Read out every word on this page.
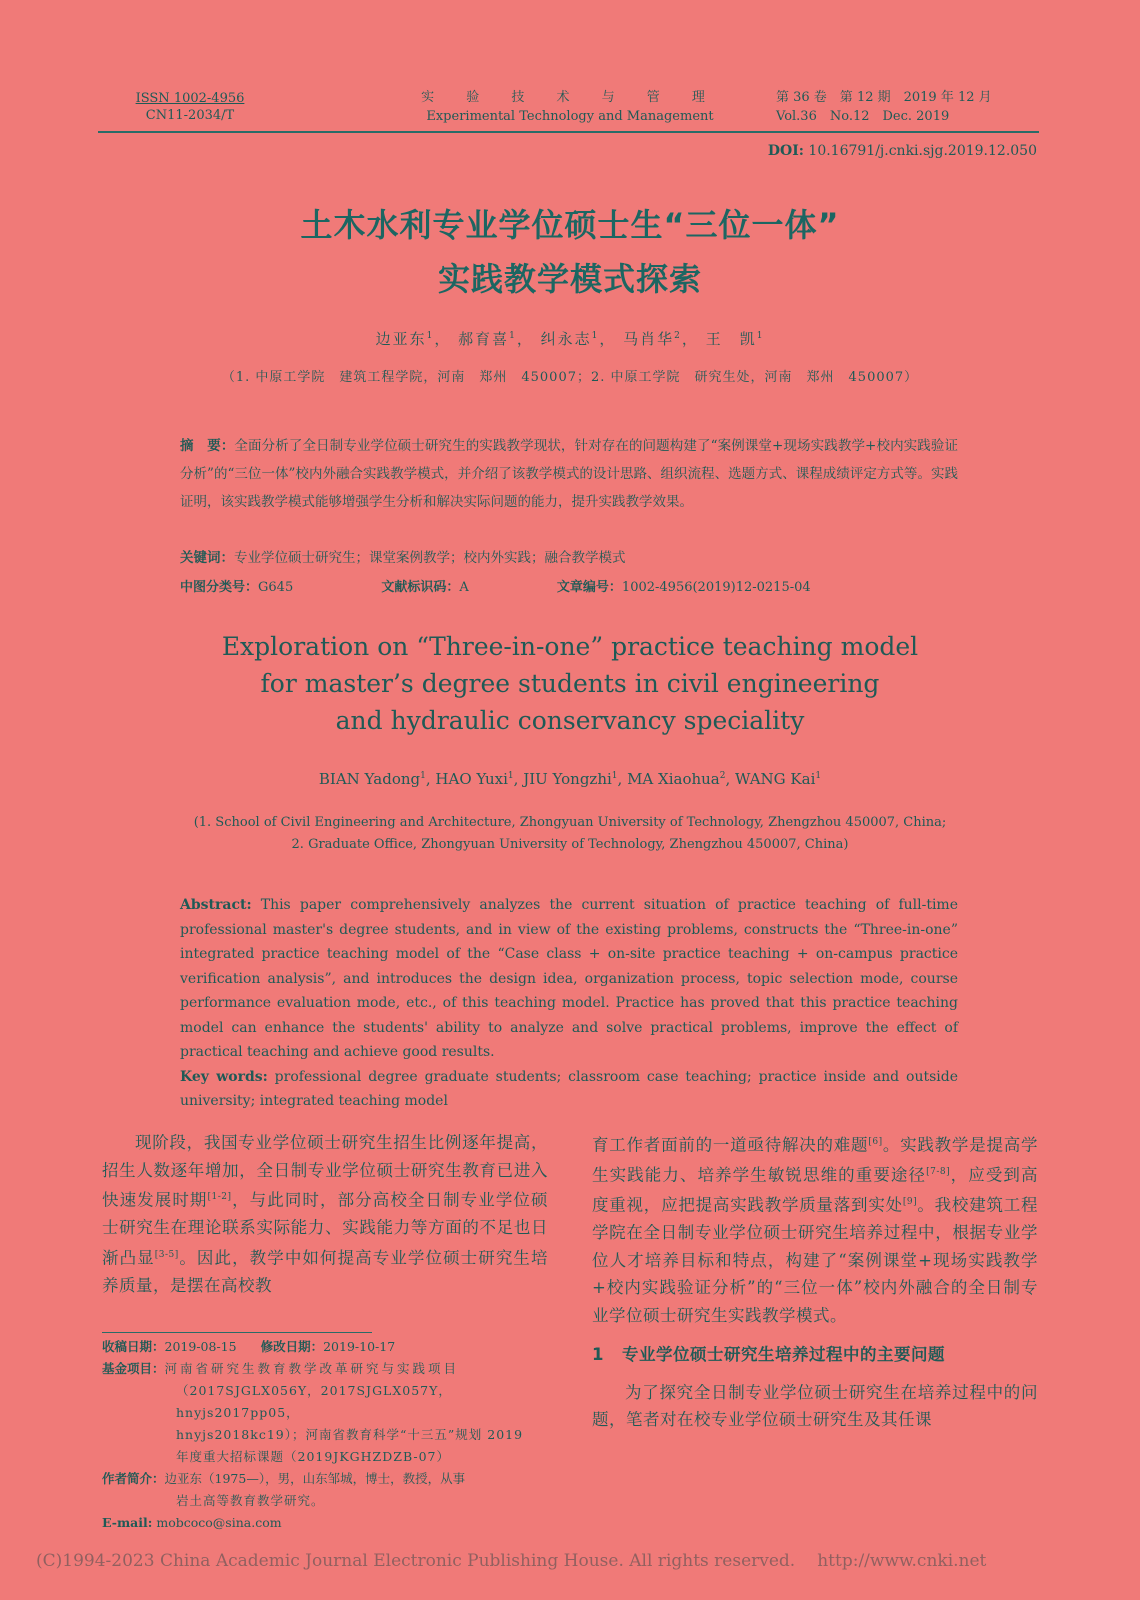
ISSN 1002-4956
CN11-2034/T
实 验 技 术 与 管 理
Experimental Technology and Management
第 36 卷　第 12 期　2019 年 12 月
Vol.36　No.12　Dec. 2019
DOI: 10.16791/j.cnki.sjg.2019.12.050
土木水利专业学位硕士生“三位一体”
实践教学模式探索
边亚东$^1$， 郝育喜$^1$， 纠永志$^1$， 马肖华$^2$， 王　凯$^1$
（1. 中原工学院　建筑工程学院，河南　郑州　450007；2. 中原工学院　研究生处，河南　郑州　450007）
摘　要：全面分析了全日制专业学位硕士研究生的实践教学现状，针对存在的问题构建了“案例课堂+现场实践教学+校内实践验证分析”的“三位一体”校内外融合实践教学模式，并介绍了该教学模式的设计思路、组织流程、选题方式、课程成绩评定方式等。实践证明，该实践教学模式能够增强学生分析和解决实际问题的能力，提升实践教学效果。
关键词：专业学位硕士研究生；课堂案例教学；校内外实践；融合教学模式
中图分类号：G645	文献标识码：A	文章编号：1002-4956(2019)12-0215-04
Exploration on “Three-in-one” practice teaching model
for master’s degree students in civil engineering
and hydraulic conservancy speciality
BIAN Yadong$^1$, HAO Yuxi$^1$, JIU Yongzhi$^1$, MA Xiaohua$^2$, WANG Kai$^1$
(1. School of Civil Engineering and Architecture, Zhongyuan University of Technology, Zhengzhou 450007, China;
2. Graduate Office, Zhongyuan University of Technology, Zhengzhou 450007, China)
Abstract: This paper comprehensively analyzes the current situation of practice teaching of full-time professional master's degree students, and in view of the existing problems, constructs the “Three-in-one” integrated practice teaching model of the “Case class + on-site practice teaching + on-campus practice verification analysis”, and introduces the design idea, organization process, topic selection mode, course performance evaluation mode, etc., of this teaching model. Practice has proved that this practice teaching model can enhance the students' ability to analyze and solve practical problems, improve the effect of practical teaching and achieve good results.
Key words: professional degree graduate students; classroom case teaching; practice inside and outside university; integrated teaching model

现阶段，我国专业学位硕士研究生招生比例逐年提高，招生人数逐年增加，全日制专业学位硕士研究生教育已进入快速发展时期[1-2]，与此同时，部分高校全日制专业学位硕士研究生在理论联系实际能力、实践能力等方面的不足也日渐凸显[3-5]。因此，教学中如何提高专业学位硕士研究生培养质量，是摆在高校教

收稿日期：2019-08-15 修改日期：2019-10-17
基金项目：河南省研究生教育教学改革研究与实践项目
（2017SJGLX056Y，2017SJGLX057Y，hnyjs2017pp05，
hnyjs2018kc19）；河南省教育科学“十三五”规划 2019
年度重大招标课题（2019JKGHZDZB-07）
作者简介：边亚东（1975—），男，山东邹城，博士，教授，从事
岩土高等教育教学研究。
E-mail: mobcoco@sina.com

育工作者面前的一道亟待解决的难题[6]。实践教学是提高学生实践能力、培养学生敏锐思维的重要途径[7-8]，应受到高度重视，应把提高实践教学质量落到实处[9]。我校建筑工程学院在全日制专业学位硕士研究生培养过程中，根据专业学位人才培养目标和特点，构建了“案例课堂+现场实践教学+校内实践验证分析”的“三位一体”校内外融合的全日制专业学位硕士研究生实践教学模式。

1 专业学位硕士研究生培养过程中的主要问题

为了探究全日制专业学位硕士研究生在培养过程中的问题，笔者对在校专业学位硕士研究生及其任课

(C)1994-2023 China Academic Journal Electronic Publishing House. All rights reserved. http://www.cnki.net
